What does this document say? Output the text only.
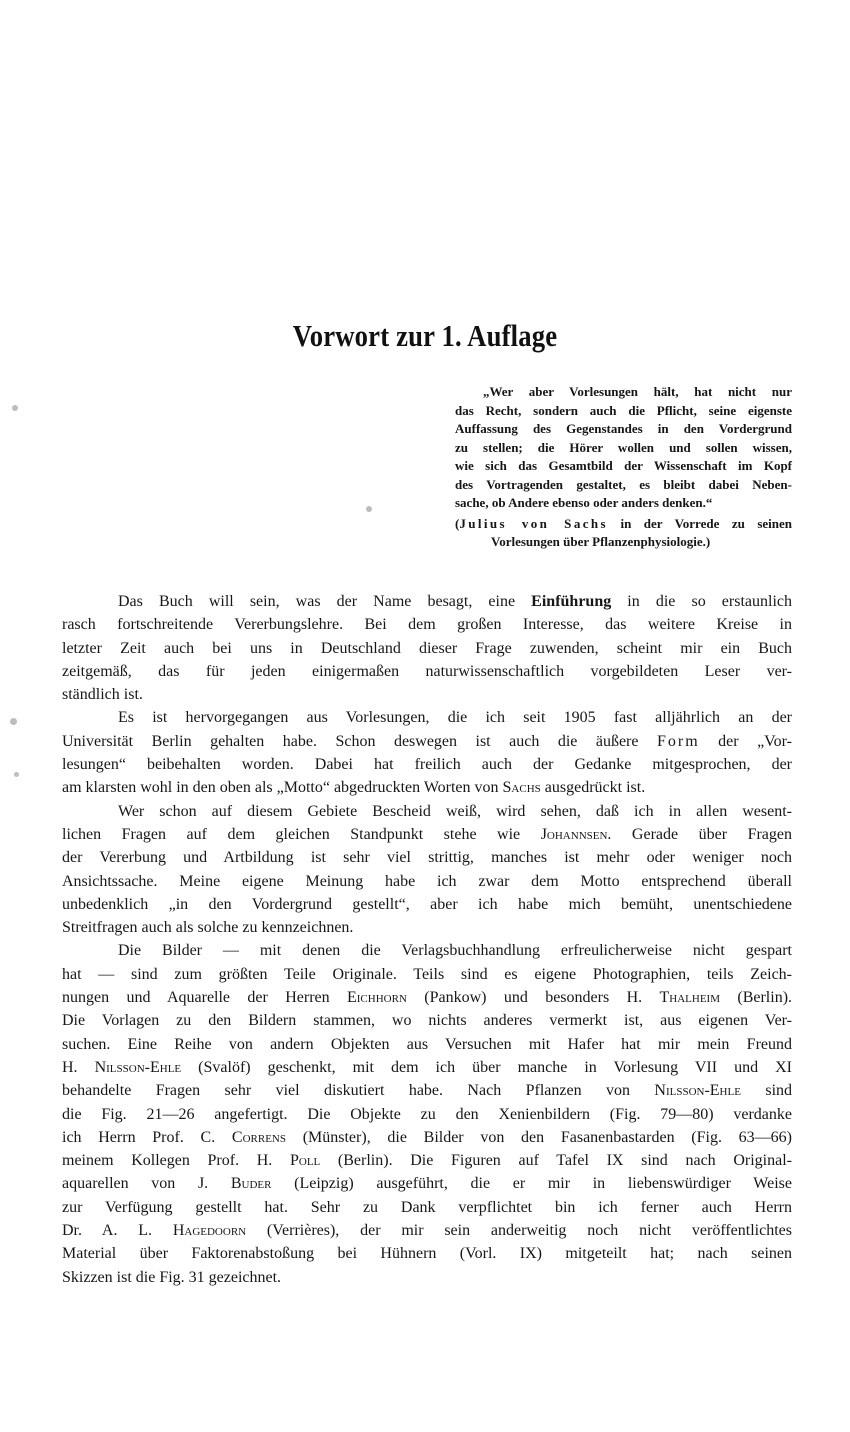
Vorwort zur 1. Auflage
„Wer aber Vorlesungen hält, hat nicht nur
das Recht, sondern auch die Pflicht, seine eigenste
Auffassung des Gegenstandes in den Vordergrund
zu stellen; die Hörer wollen und sollen wissen,
wie sich das Gesamtbild der Wissenschaft im Kopf
des Vortragenden gestaltet, es bleibt dabei Neben-
sache, ob Andere ebenso oder anders denken.“
(Julius von Sachs in der Vorrede zu seinen
Vorlesungen über Pflanzenphysiologie.)
Das Buch will sein, was der Name besagt, eine Einführung in die so erstaunlich
rasch fortschreitende Vererbungslehre. Bei dem großen Interesse, das weitere Kreise in
letzter Zeit auch bei uns in Deutschland dieser Frage zuwenden, scheint mir ein Buch
zeitgemäß, das für jeden einigermaßen naturwissenschaftlich vorgebildeten Leser ver-
ständlich ist.
Es ist hervorgegangen aus Vorlesungen, die ich seit 1905 fast alljährlich an der
Universität Berlin gehalten habe. Schon deswegen ist auch die äußere Form der „Vor-
lesungen“ beibehalten worden. Dabei hat freilich auch der Gedanke mitgesprochen, der
am klarsten wohl in den oben als „Motto“ abgedruckten Worten von Sachs ausgedrückt ist.
Wer schon auf diesem Gebiete Bescheid weiß, wird sehen, daß ich in allen wesent-
lichen Fragen auf dem gleichen Standpunkt stehe wie Johannsen. Gerade über Fragen
der Vererbung und Artbildung ist sehr viel strittig, manches ist mehr oder weniger noch
Ansichtssache. Meine eigene Meinung habe ich zwar dem Motto entsprechend überall
unbedenklich „in den Vordergrund gestellt“, aber ich habe mich bemüht, unentschiedene
Streitfragen auch als solche zu kennzeichnen.
Die Bilder — mit denen die Verlagsbuchhandlung erfreulicherweise nicht gespart
hat — sind zum größten Teile Originale. Teils sind es eigene Photographien, teils Zeich-
nungen und Aquarelle der Herren Eichhorn (Pankow) und besonders H. Thalheim (Berlin).
Die Vorlagen zu den Bildern stammen, wo nichts anderes vermerkt ist, aus eigenen Ver-
suchen. Eine Reihe von andern Objekten aus Versuchen mit Hafer hat mir mein Freund
H. Nilsson-Ehle (Svalöf) geschenkt, mit dem ich über manche in Vorlesung VII und XI
behandelte Fragen sehr viel diskutiert habe. Nach Pflanzen von Nilsson-Ehle sind
die Fig. 21—26 angefertigt. Die Objekte zu den Xenienbildern (Fig. 79—80) verdanke
ich Herrn Prof. C. Correns (Münster), die Bilder von den Fasanenbastarden (Fig. 63—66)
meinem Kollegen Prof. H. Poll (Berlin). Die Figuren auf Tafel IX sind nach Original-
aquarellen von J. Buder (Leipzig) ausgeführt, die er mir in liebenswürdiger Weise
zur Verfügung gestellt hat. Sehr zu Dank verpflichtet bin ich ferner auch Herrn
Dr. A. L. Hagedoorn (Verrières), der mir sein anderweitig noch nicht veröffentlichtes
Material über Faktorenabstoßung bei Hühnern (Vorl. IX) mitgeteilt hat; nach seinen
Skizzen ist die Fig. 31 gezeichnet.
